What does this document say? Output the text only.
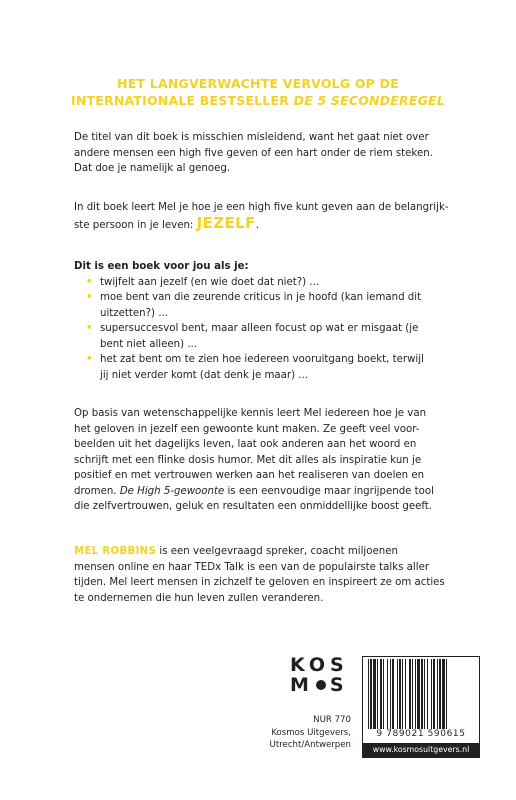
HET LANGVERWACHTE VERVOLG OP DE
INTERNATIONALE BESTSELLER DE 5 SECONDEREGEL
De titel van dit boek is misschien misleidend, want het gaat niet over
andere mensen een high five geven of een hart onder de riem steken.
Dat doe je namelijk al genoeg.
In dit boek leert Mel je hoe je een high five kunt geven aan de belangrijk-
ste persoon in je leven: JEZELF.
Dit is een boek voor jou als je:
• twijfelt aan jezelf (en wie doet dat niet?) ...
• moe bent van die zeurende criticus in je hoofd (kan iemand dit
uitzetten?) ...
• supersuccesvol bent, maar alleen focust op wat er misgaat (je
bent niet alleen) ...
• het zat bent om te zien hoe iedereen vooruitgang boekt, terwijl
jij niet verder komt (dat denk je maar) ...
Op basis van wetenschappelijke kennis leert Mel iedereen hoe je van
het geloven in jezelf een gewoonte kunt maken. Ze geeft veel voor-
beelden uit het dagelijks leven, laat ook anderen aan het woord en
schrijft met een flinke dosis humor. Met dit alles als inspiratie kun je
positief en met vertrouwen werken aan het realiseren van doelen en
dromen. De High 5-gewoonte is een eenvoudige maar ingrijpende tool
die zelfvertrouwen, geluk en resultaten een onmiddellijke boost geeft.
MEL ROBBINS is een veelgevraagd spreker, coacht miljoenen
mensen online en haar TEDx Talk is een van de populairste talks aller
tijden. Mel leert mensen in zichzelf te geloven en inspireert ze om acties
te ondernemen die hun leven zullen veranderen.
KOS
M S
NUR 770
Kosmos Uitgevers,
Utrecht/Antwerpen
9 789021 590615
www.kosmosuitgevers.nl
